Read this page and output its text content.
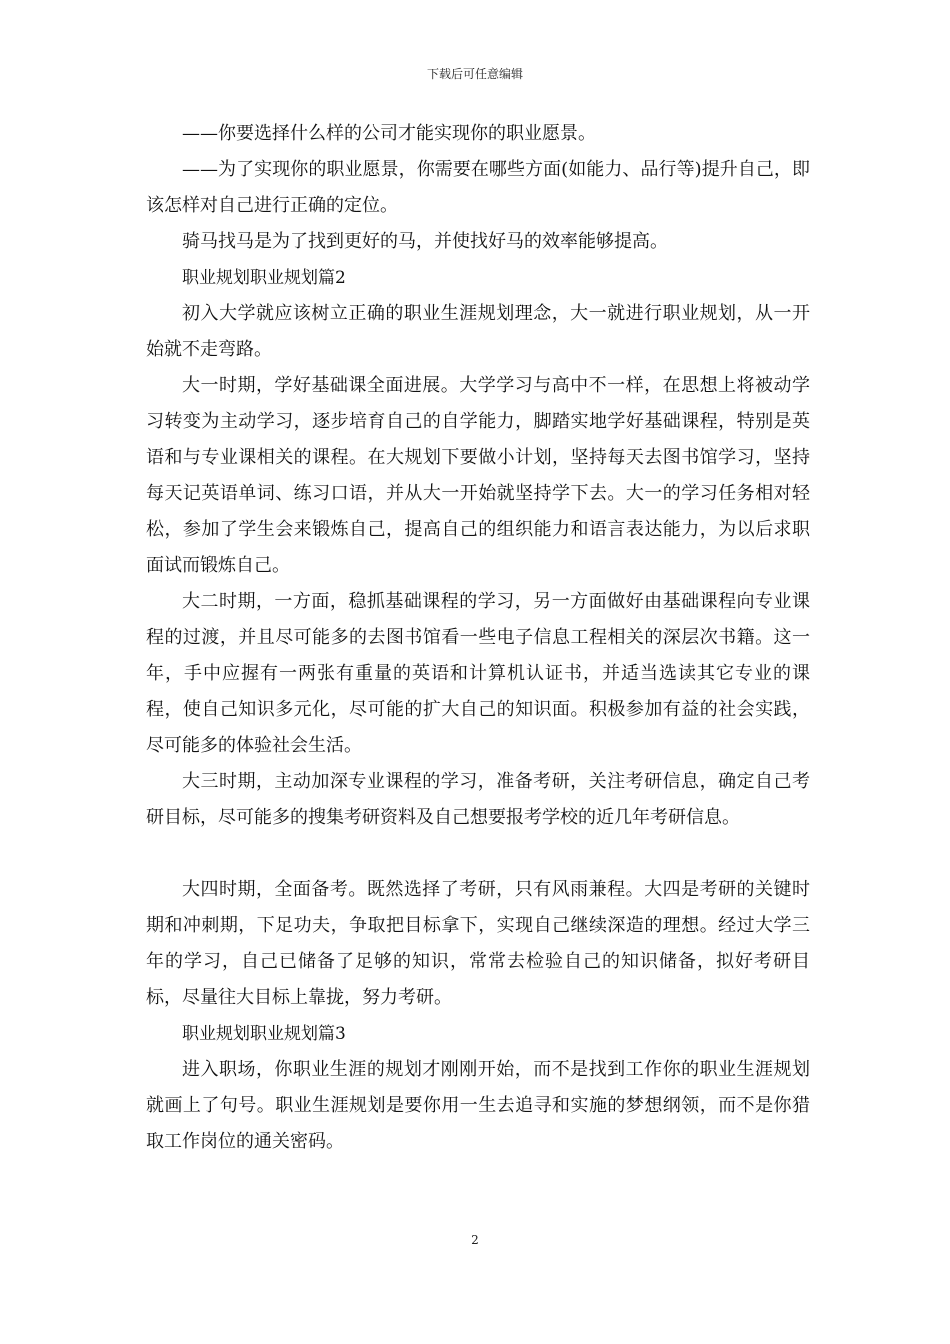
下载后可任意编辑

——你要选择什么样的公司才能实现你的职业愿景。

——为了实现你的职业愿景，你需要在哪些方面(如能力、品行等)提升自己，即该怎样对自己进行正确的定位。

骑马找马是为了找到更好的马，并使找好马的效率能够提高。

职业规划职业规划篇2

初入大学就应该树立正确的职业生涯规划理念，大一就进行职业规划，从一开始就不走弯路。

大一时期，学好基础课全面进展。大学学习与高中不一样，在思想上将被动学习转变为主动学习，逐步培育自己的自学能力，脚踏实地学好基础课程，特别是英语和与专业课相关的课程。在大规划下要做小计划，坚持每天去图书馆学习，坚持每天记英语单词、练习口语，并从大一开始就坚持学下去。大一的学习任务相对轻松，参加了学生会来锻炼自己，提高自己的组织能力和语言表达能力，为以后求职面试而锻炼自己。

大二时期，一方面，稳抓基础课程的学习，另一方面做好由基础课程向专业课程的过渡，并且尽可能多的去图书馆看一些电子信息工程相关的深层次书籍。这一年，手中应握有一两张有重量的英语和计算机认证书，并适当选读其它专业的课程，使自己知识多元化，尽可能的扩大自己的知识面。积极参加有益的社会实践，尽可能多的体验社会生活。

大三时期，主动加深专业课程的学习，准备考研，关注考研信息，确定自己考研目标，尽可能多的搜集考研资料及自己想要报考学校的近几年考研信息。

大四时期，全面备考。既然选择了考研，只有风雨兼程。大四是考研的关键时期和冲刺期，下足功夫，争取把目标拿下，实现自己继续深造的理想。经过大学三年的学习，自己已储备了足够的知识，常常去检验自己的知识储备，拟好考研目标，尽量往大目标上靠拢，努力考研。

职业规划职业规划篇3

进入职场，你职业生涯的规划才刚刚开始，而不是找到工作你的职业生涯规划就画上了句号。职业生涯规划是要你用一生去追寻和实施的梦想纲领，而不是你猎取工作岗位的通关密码。

2
